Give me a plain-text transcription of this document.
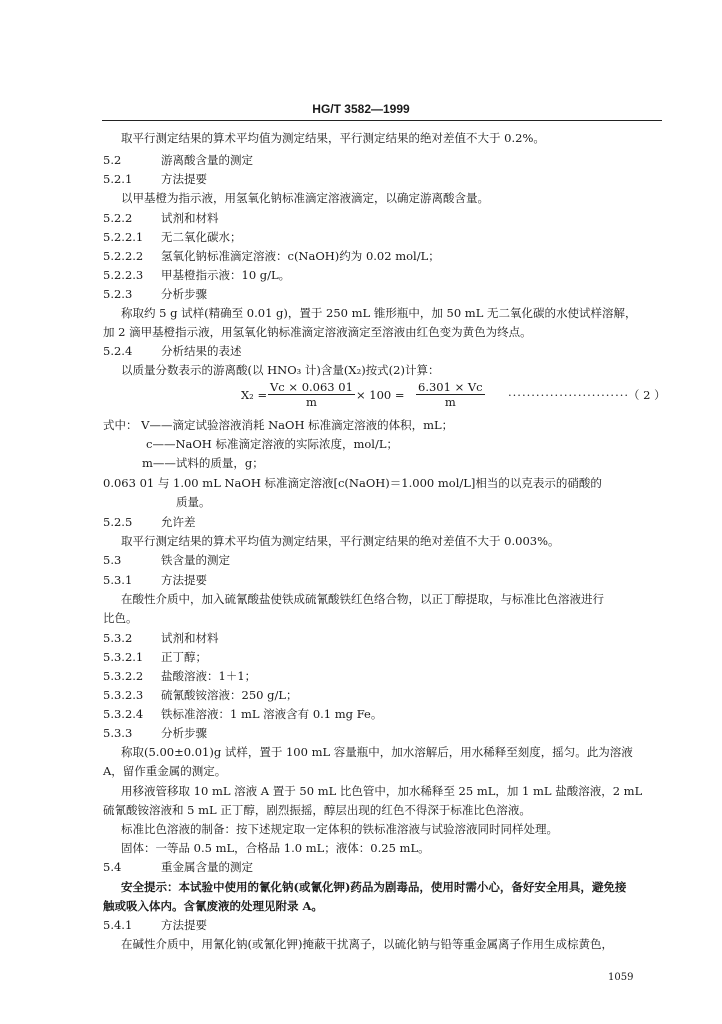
HG/T 3582—1999
取平行测定结果的算术平均值为测定结果，平行测定结果的绝对差值不大于 0.2%。
5.2	游离酸含量的测定
5.2.1 方法提要
以甲基橙为指示液，用氢氧化钠标准滴定溶液滴定，以确定游离酸含量。
5.2.2 试剂和材料
5.2.2.1 无二氧化碳水；
5.2.2.2 氢氧化钠标准滴定溶液：c(NaOH)约为 0.02 mol/L；
5.2.2.3 甲基橙指示液：10 g/L。
5.2.3 分析步骤
称取约 5 g 试样(精确至 0.01 g)，置于 250 mL 锥形瓶中，加 50 mL 无二氧化碳的水使试样溶解，
加 2 滴甲基橙指示液，用氢氧化钠标准滴定溶液滴定至溶液由红色变为黄色为终点。
5.2.4 分析结果的表述
以质量分数表示的游离酸(以 HNO₃ 计)含量(X₂)按式(2)计算：
式中： V——滴定试验溶液消耗 NaOH 标准滴定溶液的体积，mL；
c——NaOH 标准滴定溶液的实际浓度，mol/L；
m——试料的质量，g；
0.063 01 与 1.00 mL NaOH 标准滴定溶液[c(NaOH)＝1.000 mol/L]相当的以克表示的硝酸的
质量。
5.2.5 允许差
取平行测定结果的算术平均值为测定结果，平行测定结果的绝对差值不大于 0.003%。
5.3	铁含量的测定
5.3.1 方法提要
在酸性介质中，加入硫氰酸盐使铁成硫氰酸铁红色络合物，以正丁醇提取，与标准比色溶液进行
比色。
5.3.2 试剂和材料
5.3.2.1 正丁醇；
5.3.2.2 盐酸溶液：1＋1；
5.3.2.3 硫氰酸铵溶液：250 g/L；
5.3.2.4 铁标准溶液：1 mL 溶液含有 0.1 mg Fe。
5.3.3 分析步骤
称取(5.00±0.01)g 试样，置于 100 mL 容量瓶中，加水溶解后，用水稀释至刻度，摇匀。此为溶液
A，留作重金属的测定。
用移液管移取 10 mL 溶液 A 置于 50 mL 比色管中，加水稀释至 25 mL，加 1 mL 盐酸溶液，2 mL
硫氰酸铵溶液和 5 mL 正丁醇，剧烈振摇，醇层出现的红色不得深于标准比色溶液。
标准比色溶液的制备：按下述规定取一定体积的铁标准溶液与试验溶液同时同样处理。
固体：一等品 0.5 mL，合格品 1.0 mL；液体：0.25 mL。
5.4	重金属含量的测定
安全提示：本试验中使用的氰化钠(或氰化钾)药品为剧毒品，使用时需小心，备好安全用具，避免接
触或吸入体内。含氰废液的处理见附录 A。
5.4.1 方法提要
在碱性介质中，用氰化钠(或氰化钾)掩蔽干扰离子，以硫化钠与铅等重金属离子作用生成棕黄色，
$X_2 = \frac{Vc \times 0.063 01}{m} \times 100 = \frac{6.301 \times Vc}{m}$ ··························
（ 2 ）
1059
